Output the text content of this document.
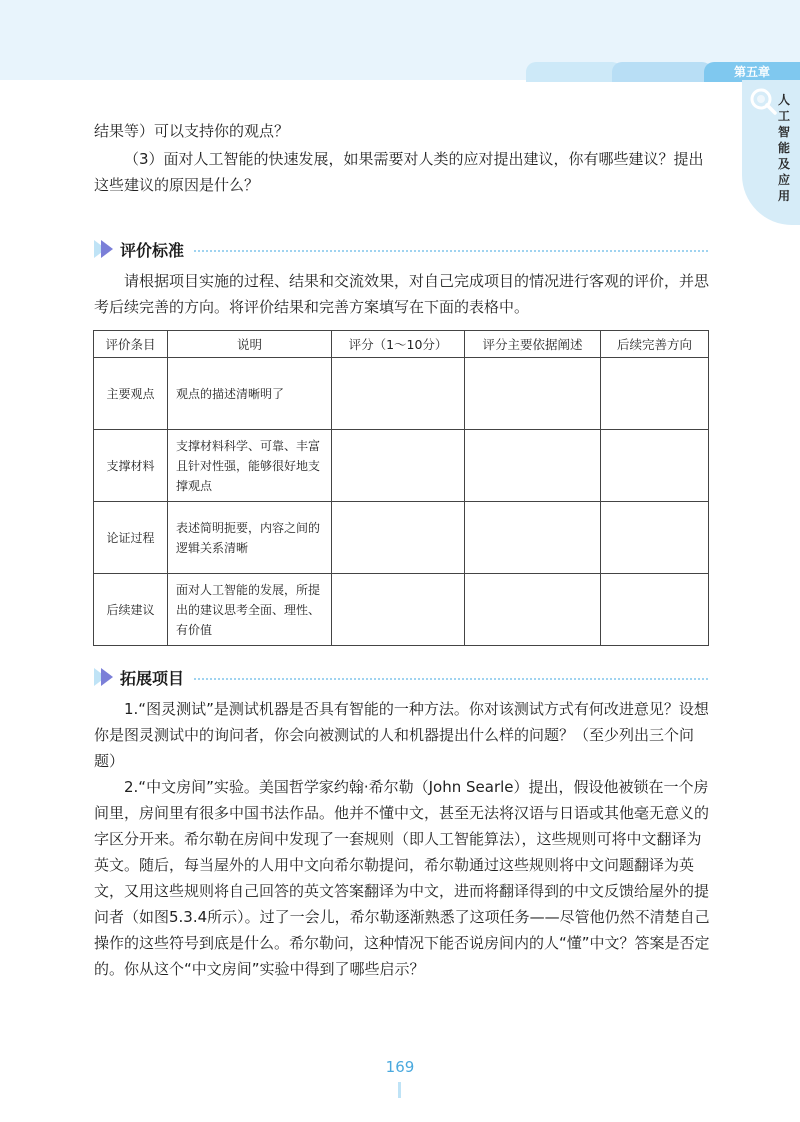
第五章
人工智能及应用

结果等）可以支持你的观点？

（3）面对人工智能的快速发展，如果需要对人类的应对提出建议，你有哪些建议？提出这些建议的原因是什么？

评价标准

请根据项目实施的过程、结果和交流效果，对自己完成项目的情况进行客观的评价，并思考后续完善的方向。将评价结果和完善方案填写在下面的表格中。

评价条目	说明	评分（1～10分）	评分主要依据阐述	后续完善方向
主要观点	观点的描述清晰明了			
支撑材料	支撑材料科学、可靠、丰富且针对性强，能够很好地支撑观点			
论证过程	表述简明扼要，内容之间的逻辑关系清晰			
后续建议	面对人工智能的发展，所提出的建议思考全面、理性、有价值			
拓展项目

1.“图灵测试”是测试机器是否具有智能的一种方法。你对该测试方式有何改进意见？设想你是图灵测试中的询问者，你会向被测试的人和机器提出什么样的问题？（至少列出三个问题）

2.“中文房间”实验。美国哲学家约翰·希尔勒（John Searle）提出，假设他被锁在一个房间里，房间里有很多中国书法作品。他并不懂中文，甚至无法将汉语与日语或其他毫无意义的字区分开来。希尔勒在房间中发现了一套规则（即人工智能算法），这些规则可将中文翻译为英文。随后，每当屋外的人用中文向希尔勒提问，希尔勒通过这些规则将中文问题翻译为英文，又用这些规则将自己回答的英文答案翻译为中文，进而将翻译得到的中文反馈给屋外的提问者（如图5.3.4所示）。过了一会儿，希尔勒逐渐熟悉了这项任务——尽管他仍然不清楚自己操作的这些符号到底是什么。希尔勒问，这种情况下能否说房间内的人“懂”中文？答案是否定的。你从这个“中文房间”实验中得到了哪些启示？

169
